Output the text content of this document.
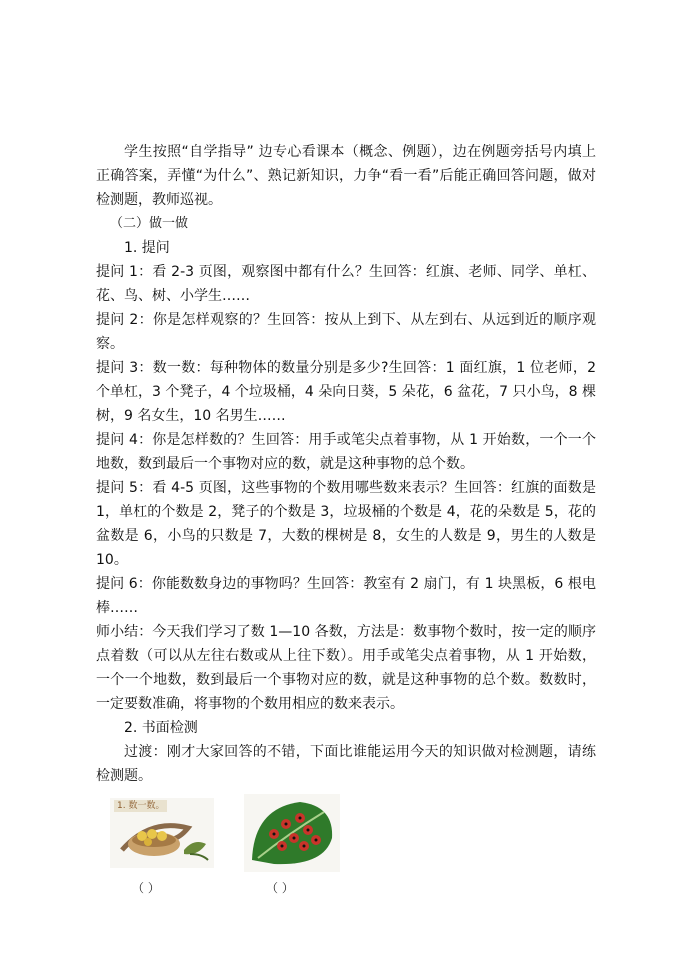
学生按照“自学指导” 边专心看课本（概念、例题），边在例题旁括号内填上正确答案，弄懂“为什么”、熟记新知识，力争“看一看”后能正确回答问题，做对检测题，教师巡视。

（二）做一做

1. 提问

提问 1：看 2-3 页图，观察图中都有什么？生回答：红旗、老师、同学、单杠、花、鸟、树、小学生……

提问 2：你是怎样观察的？生回答：按从上到下、从左到右、从远到近的顺序观察。

提问 3：数一数：每种物体的数量分别是多少?生回答：1 面红旗，1 位老师，2 个单杠，3 个凳子，4 个垃圾桶，4 朵向日葵，5 朵花，6 盆花，7 只小鸟，8 棵树，9 名女生，10 名男生……

提问 4：你是怎样数的？生回答：用手或笔尖点着事物，从 1 开始数，一个一个地数，数到最后一个事物对应的数，就是这种事物的总个数。

提问 5：看 4-5 页图，这些事物的个数用哪些数来表示？生回答：红旗的面数是 1，单杠的个数是 2，凳子的个数是 3，垃圾桶的个数是 4，花的朵数是 5，花的盆数是 6，小鸟的只数是 7，大数的棵树是 8，女生的人数是 9，男生的人数是 10。

提问 6：你能数数身边的事物吗？生回答：教室有 2 扇门，有 1 块黑板，6 根电棒……

师小结：今天我们学习了数 1—10 各数，方法是：数事物个数时，按一定的顺序点着数（可以从左往右数或从上往下数）。用手或笔尖点着事物，从 1 开始数，一个一个地数，数到最后一个事物对应的数，就是这种事物的总个数。数数时，一定要数准确，将事物的个数用相应的数来表示。

2. 书面检测

过渡：刚才大家回答的不错，下面比谁能运用今天的知识做对检测题，请练检测题。

1. 数一数。
（ ）	（ ）
